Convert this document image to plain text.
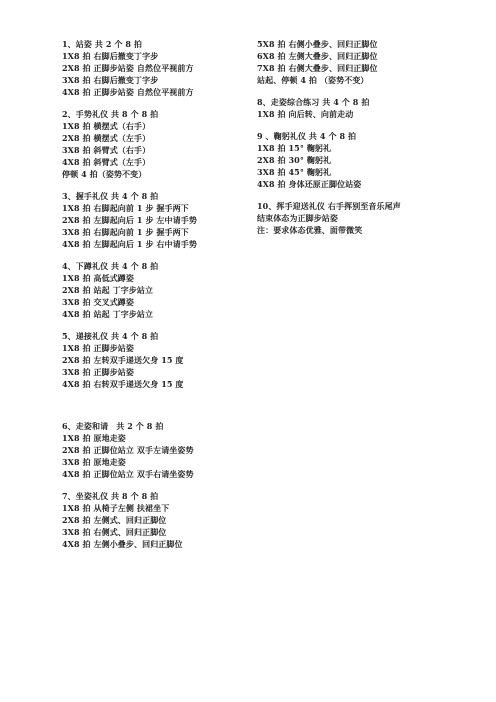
1、站姿 共 2 个 8 拍
1X8 拍 右脚后撤变丁字步
2X8 拍 正脚步站姿 自然位平视前方
3X8 拍 右脚后撤变丁字步
4X8 拍 正脚步站姿 自然位平视前方
2、手势礼仪 共 8 个 8 拍
1X8 拍 横摆式（右手）
2X8 拍 横摆式（左手）
3X8 拍 斜臂式（右手）
4X8 拍 斜臂式（左手）
停顿 4 拍（姿势不变）
3、握手礼仪 共 4 个 8 拍
1X8 拍 右脚起向前 1 步 握手两下
2X8 拍 左脚起向后 1 步 左中请手势
3X8 拍 右脚起向前 1 步 握手两下
4X8 拍 左脚起向后 1 步 右中请手势
4、下蹲礼仪 共 4 个 8 拍
1X8 拍 高低式蹲姿
2X8 拍 站起 丁字步站立
3X8 拍 交叉式蹲姿
4X8 拍 站起 丁字步站立
5、递接礼仪 共 4 个 8 拍
1X8 拍 正脚步站姿
2X8 拍 左转双手递送欠身 15 度
3X8 拍 正脚步站姿
4X8 拍 右转双手递送欠身 15 度
6、走姿和请　共 2 个 8 拍
1X8 拍 原地走姿
2X8 拍 正脚位站立 双手左请坐姿势
3X8 拍 原地走姿
4X8 拍 正脚位站立 双手右请坐姿势
7、坐姿礼仪 共 8 个 8 拍
1X8 拍 从椅子左侧 扶裙坐下
2X8 拍 左侧式、回归正脚位
3X8 拍 右侧式、回归正脚位
4X8 拍 左侧小叠步、回归正脚位
5X8 拍 右侧小叠步、回归正脚位
6X8 拍 左侧大叠步、回归正脚位
7X8 拍 右侧大叠步、回归正脚位
站起、停顿 4 拍 （姿势不变）
8、走姿综合练习 共 4 个 8 拍
1X8 拍 向后转、向前走动
9 、鞠躬礼仪 共 4 个 8 拍
1X8 拍 15° 鞠躬礼
2X8 拍 30° 鞠躬礼
3X8 拍 45° 鞠躬礼
4X8 拍 身体还原正脚位站姿
10、挥手迎送礼仪 右手挥别至音乐尾声
结束体态为正脚步站姿
注：要求体态优雅、面带微笑
